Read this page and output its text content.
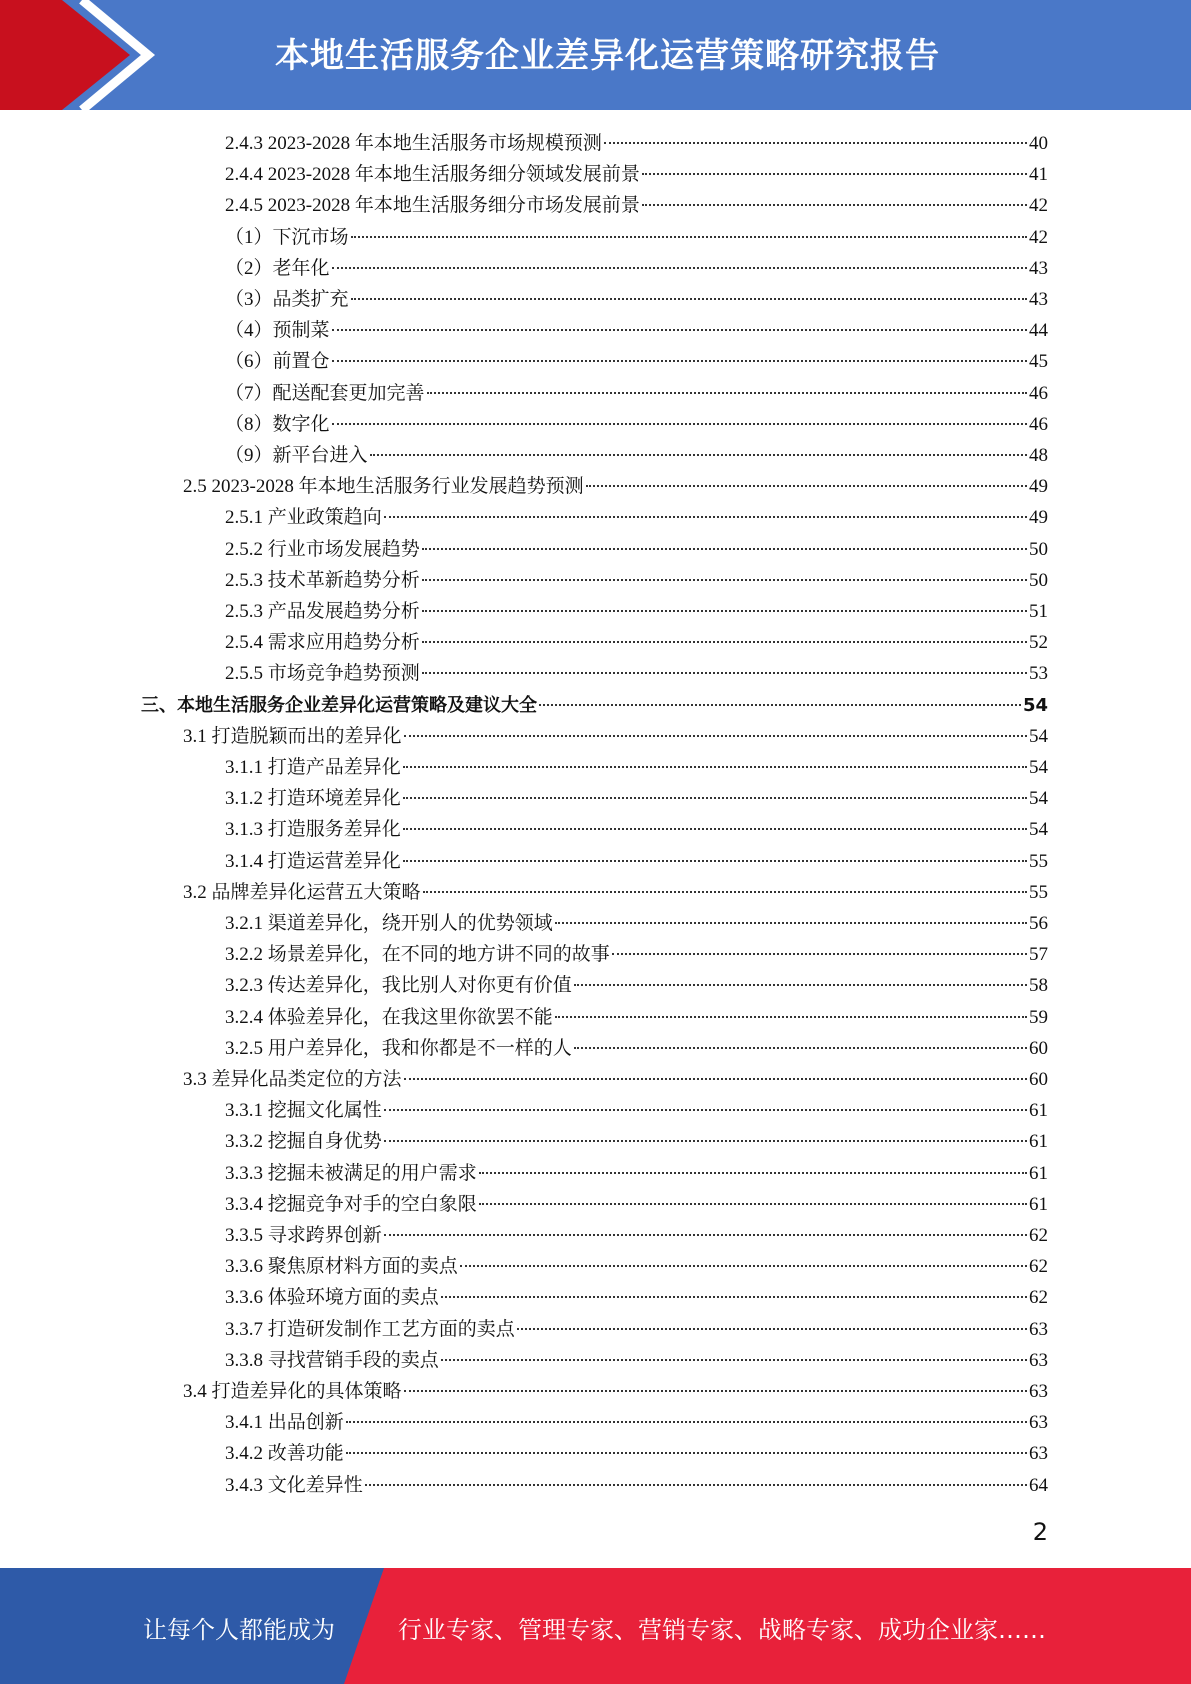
本地生活服务企业差异化运营策略研究报告
2.4.3 2023-2028 年本地生活服务市场规模预测	40
2.4.4 2023-2028 年本地生活服务细分领域发展前景	41
2.4.5 2023-2028 年本地生活服务细分市场发展前景	42
（1）下沉市场	42
（2）老年化	43
（3）品类扩充	43
（4）预制菜	44
（6）前置仓	45
（7）配送配套更加完善	46
（8）数字化	46
（9）新平台进入	48
2.5 2023-2028 年本地生活服务行业发展趋势预测	49
2.5.1 产业政策趋向	49
2.5.2 行业市场发展趋势	50
2.5.3 技术革新趋势分析	50
2.5.3 产品发展趋势分析	51
2.5.4 需求应用趋势分析	52
2.5.5 市场竞争趋势预测	53
三、本地生活服务企业差异化运营策略及建议大全	54
3.1 打造脱颖而出的差异化	54
3.1.1 打造产品差异化	54
3.1.2 打造环境差异化	54
3.1.3 打造服务差异化	54
3.1.4 打造运营差异化	55
3.2 品牌差异化运营五大策略	55
3.2.1 渠道差异化，绕开别人的优势领域	56
3.2.2 场景差异化，在不同的地方讲不同的故事	57
3.2.3 传达差异化，我比别人对你更有价值	58
3.2.4 体验差异化，在我这里你欲罢不能	59
3.2.5 用户差异化，我和你都是不一样的人	60
3.3 差异化品类定位的方法	60
3.3.1 挖掘文化属性	61
3.3.2 挖掘自身优势	61
3.3.3 挖掘未被满足的用户需求	61
3.3.4 挖掘竞争对手的空白象限	61
3.3.5 寻求跨界创新	62
3.3.6 聚焦原材料方面的卖点	62
3.3.6 体验环境方面的卖点	62
3.3.7 打造研发制作工艺方面的卖点	63
3.3.8 寻找营销手段的卖点	63
3.4 打造差异化的具体策略	63
3.4.1 出品创新	63
3.4.2 改善功能	63
3.4.3 文化差异性	64
2
让每个人都能成为	行业专家、管理专家、营销专家、战略专家、成功企业家……
